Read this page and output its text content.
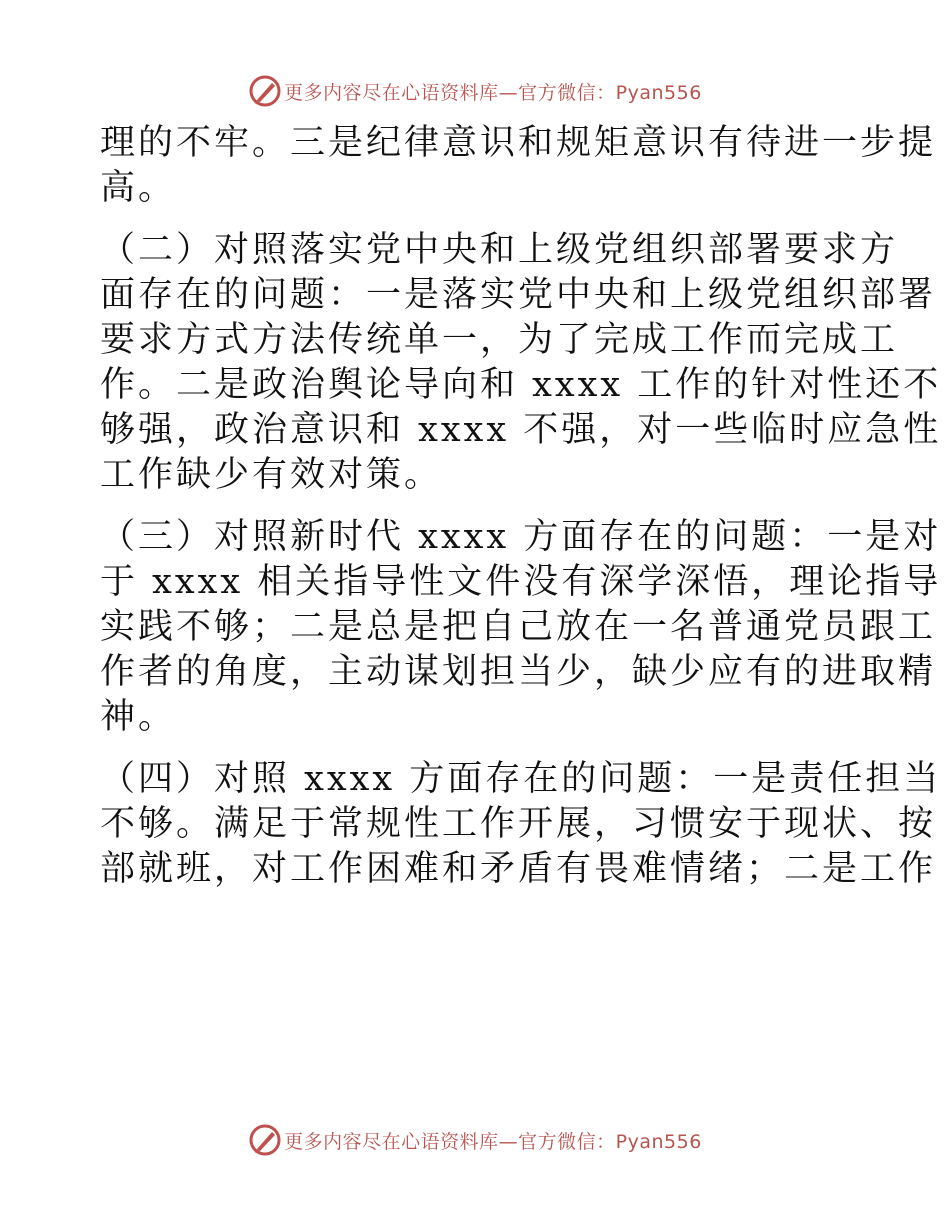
更多内容尽在心语资料库—官方微信：Pyan556

理的不牢。三是纪律意识和规矩意识有待进一步提
高。

（二）对照落实党中央和上级党组织部署要求方
面存在的问题：一是落实党中央和上级党组织部署
要求方式方法传统单一，为了完成工作而完成工
作。二是政治舆论导向和 xxxx 工作的针对性还不
够强，政治意识和 xxxx 不强，对一些临时应急性
工作缺少有效对策。

（三）对照新时代 xxxx 方面存在的问题：一是对
于 xxxx 相关指导性文件没有深学深悟，理论指导
实践不够；二是总是把自己放在一名普通党员跟工
作者的角度，主动谋划担当少，缺少应有的进取精
神。

（四）对照 xxxx 方面存在的问题：一是责任担当
不够。满足于常规性工作开展，习惯安于现状、按
部就班，对工作困难和矛盾有畏难情绪；二是工作

更多内容尽在心语资料库—官方微信：Pyan556
